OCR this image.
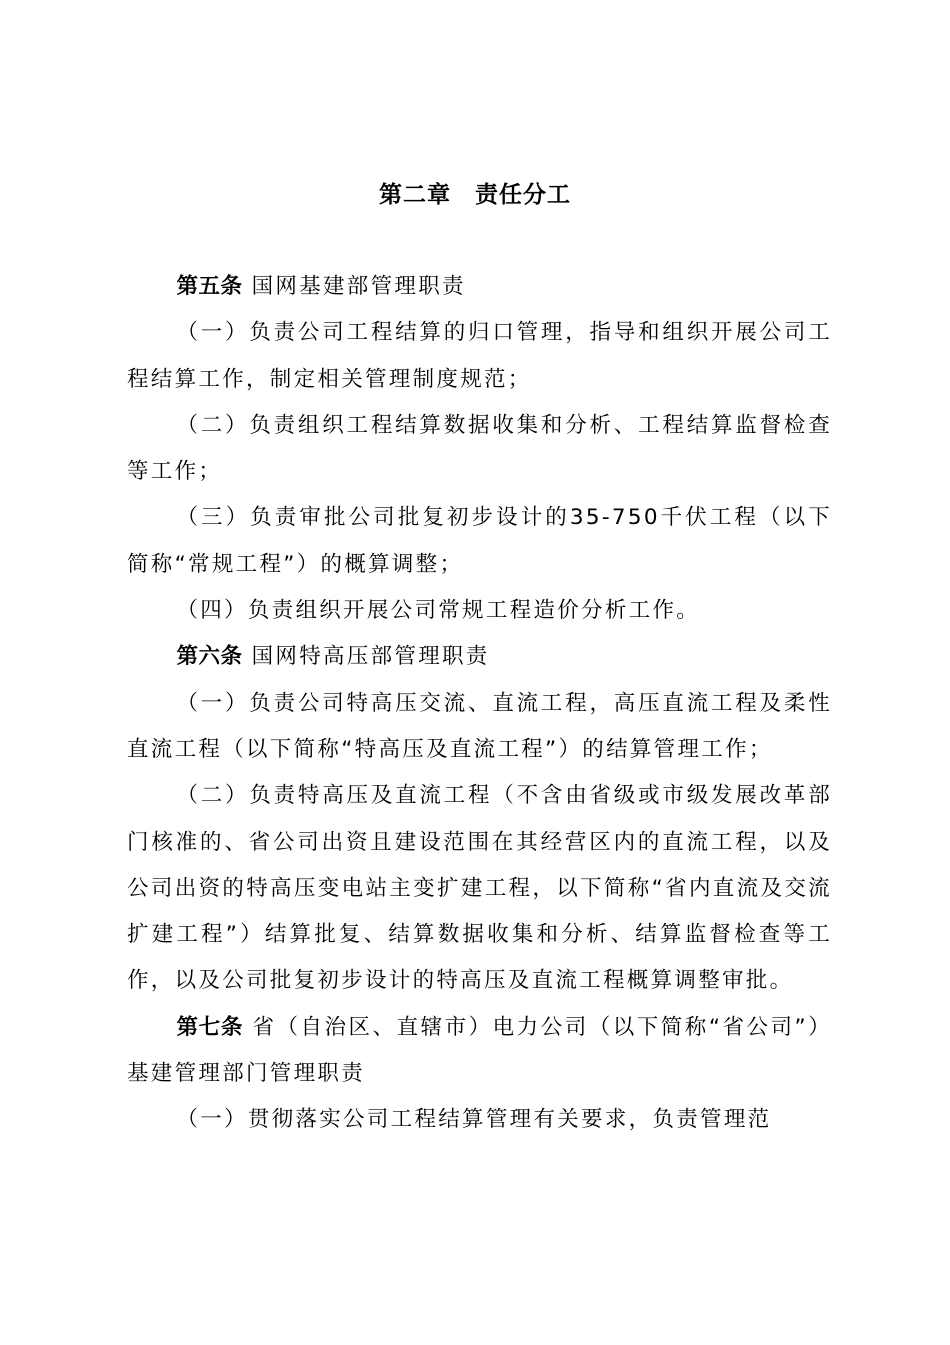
第二章 责任分工

第五条 国网基建部管理职责

（一）负责公司工程结算的归口管理，指导和组织开展公司工程结算工作，制定相关管理制度规范；

（二）负责组织工程结算数据收集和分析、工程结算监督检查等工作；

（三）负责审批公司批复初步设计的35-750千伏工程（以下简称“常规工程”）的概算调整；

（四）负责组织开展公司常规工程造价分析工作。

第六条 国网特高压部管理职责

（一）负责公司特高压交流、直流工程，高压直流工程及柔性直流工程（以下简称“特高压及直流工程”）的结算管理工作；

（二）负责特高压及直流工程（不含由省级或市级发展改革部门核准的、省公司出资且建设范围在其经营区内的直流工程，以及公司出资的特高压变电站主变扩建工程，以下简称“省内直流及交流扩建工程”）结算批复、结算数据收集和分析、结算监督检查等工作，以及公司批复初步设计的特高压及直流工程概算调整审批。

第七条 省（自治区、直辖市）电力公司（以下简称“省公司”）基建管理部门管理职责

（一）贯彻落实公司工程结算管理有关要求，负责管理范
